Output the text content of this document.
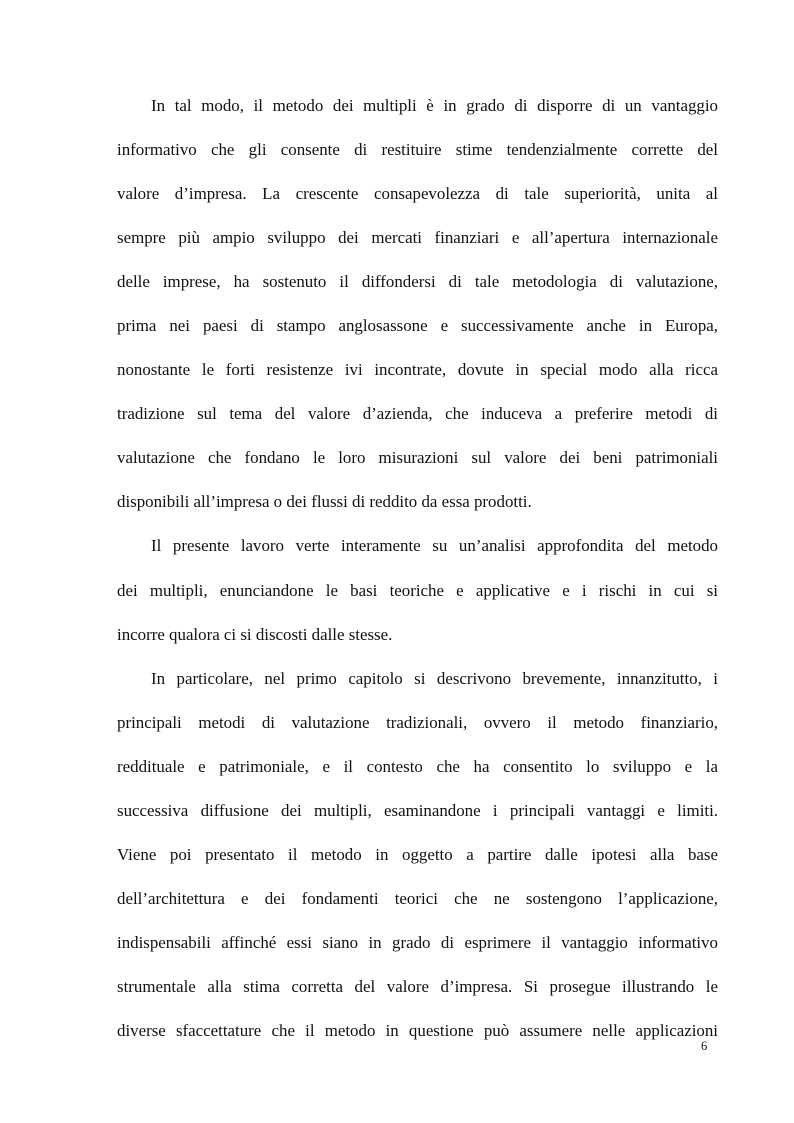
In tal modo, il metodo dei multipli è in grado di disporre di un vantaggio
informativo che gli consente di restituire stime tendenzialmente corrette del
valore d’impresa. La crescente consapevolezza di tale superiorità, unita al
sempre più ampio sviluppo dei mercati finanziari e all’apertura internazionale
delle imprese, ha sostenuto il diffondersi di tale metodologia di valutazione,
prima nei paesi di stampo anglosassone e successivamente anche in Europa,
nonostante le forti resistenze ivi incontrate, dovute in special modo alla ricca
tradizione sul tema del valore d’azienda, che induceva a preferire metodi di
valutazione che fondano le loro misurazioni sul valore dei beni patrimoniali
disponibili all’impresa o dei flussi di reddito da essa prodotti.
Il presente lavoro verte interamente su un’analisi approfondita del metodo
dei multipli, enunciandone le basi teoriche e applicative e i rischi in cui si
incorre qualora ci si discosti dalle stesse.
In particolare, nel primo capitolo si descrivono brevemente, innanzitutto, i
principali metodi di valutazione tradizionali, ovvero il metodo finanziario,
reddituale e patrimoniale, e il contesto che ha consentito lo sviluppo e la
successiva diffusione dei multipli, esaminandone i principali vantaggi e limiti.
Viene poi presentato il metodo in oggetto a partire dalle ipotesi alla base
dell’architettura e dei fondamenti teorici che ne sostengono l’applicazione,
indispensabili affinché essi siano in grado di esprimere il vantaggio informativo
strumentale alla stima corretta del valore d’impresa. Si prosegue illustrando le
diverse sfaccettature che il metodo in questione può assumere nelle applicazioni
6
